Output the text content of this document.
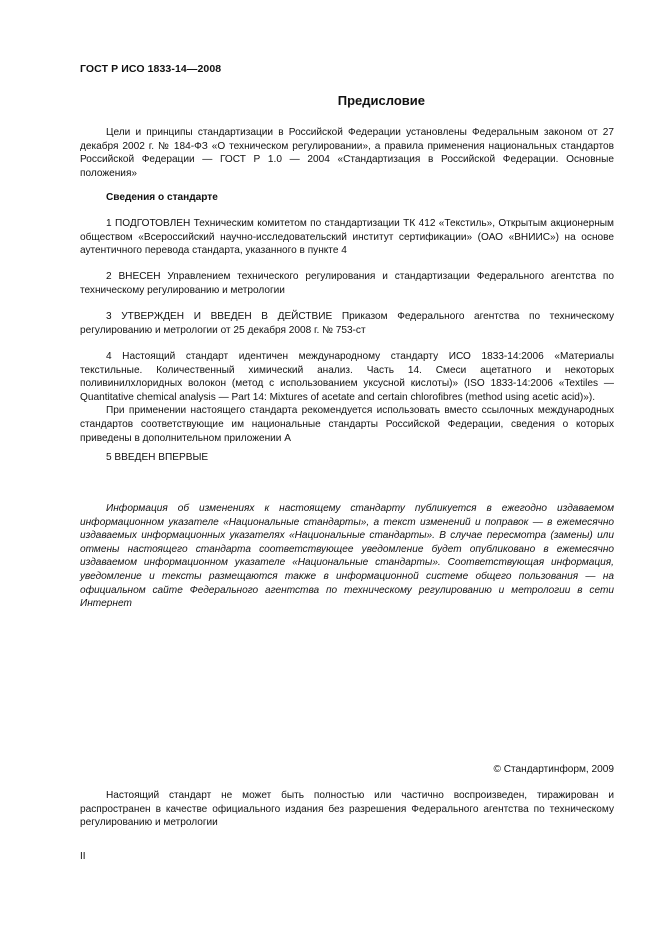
ГОСТ Р ИСО 1833-14—2008
Предисловие

Цели и принципы стандартизации в Российской Федерации установлены Федеральным законом от 27 декабря 2002 г. № 184-ФЗ «О техническом регулировании», а правила применения национальных стандартов Российской Федерации — ГОСТ Р 1.0 — 2004 «Стандартизация в Российской Федерации. Основные положения»

Сведения о стандарте

1 ПОДГОТОВЛЕН Техническим комитетом по стандартизации ТК 412 «Текстиль», Открытым акционерным обществом «Всероссийский научно-исследовательский институт сертификации» (ОАО «ВНИИС») на основе аутентичного перевода стандарта, указанного в пункте 4

2 ВНЕСЕН Управлением технического регулирования и стандартизации Федерального агентства по техническому регулированию и метрологии

3 УТВЕРЖДЕН И ВВЕДЕН В ДЕЙСТВИЕ Приказом Федерального агентства по техническому регулированию и метрологии от 25 декабря 2008 г. № 753-ст

4 Настоящий стандарт идентичен международному стандарту ИСО 1833-14:2006 «Материалы текстильные. Количественный химический анализ. Часть 14. Смеси ацетатного и некоторых поливинилхлоридных волокон (метод с использованием уксусной кислоты)» (ISO 1833-14:2006 «Textiles — Quantitative chemical analysis — Part 14: Mixtures of acetate and certain chlorofibres (method using acetic acid)»).

При применении настоящего стандарта рекомендуется использовать вместо ссылочных международных стандартов соответствующие им национальные стандарты Российской Федерации, сведения о которых приведены в дополнительном приложении А

5 ВВЕДЕН ВПЕРВЫЕ

Информация об изменениях к настоящему стандарту публикуется в ежегодно издаваемом информационном указателе «Национальные стандарты», а текст изменений и поправок — в ежемесячно издаваемых информационных указателях «Национальные стандарты». В случае пересмотра (замены) или отмены настоящего стандарта соответствующее уведомление будет опубликовано в ежемесячно издаваемом информационном указателе «Национальные стандарты». Соответствующая информация, уведомление и тексты размещаются также в информационной системе общего пользования — на официальном сайте Федерального агентства по техническому регулированию и метрологии в сети Интернет

© Стандартинформ, 2009

Настоящий стандарт не может быть полностью или частично воспроизведен, тиражирован и распространен в качестве официального издания без разрешения Федерального агентства по техническому регулированию и метрологии

II
